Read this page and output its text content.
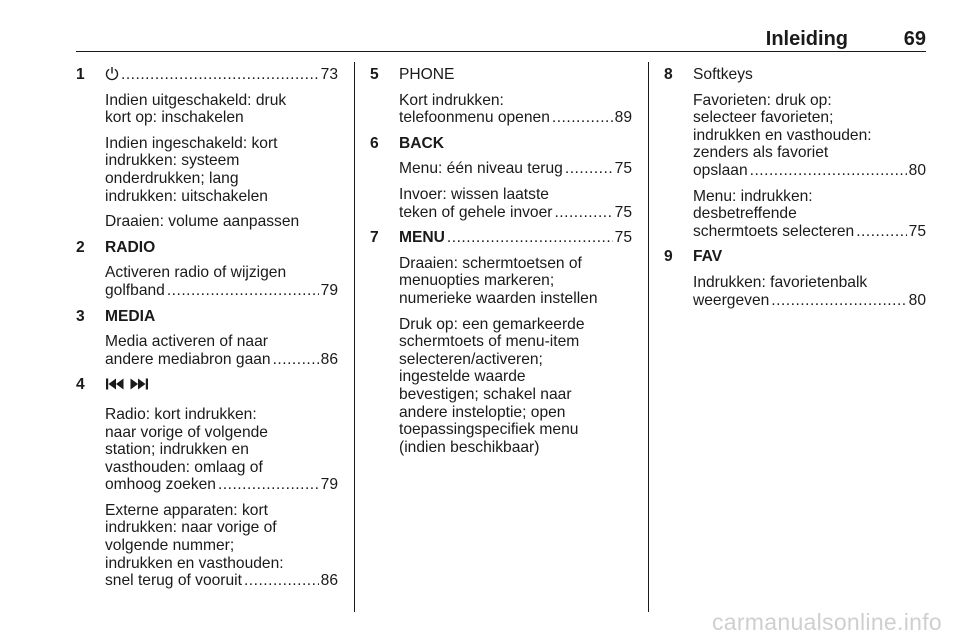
Inleiding	69
1 .....	73
Indien uitgeschakeld: druk
kort op: inschakelen
Indien ingeschakeld: kort
indrukken: systeem
onderdrukken; lang
indrukken: uitschakelen
Draaien: volume aanpassen
2 RADIO
Activeren radio of wijzigen
golfband .....	79
3 MEDIA
Media activeren of naar
andere mediabron gaan .....	86
4

Radio: kort indrukken:
naar vorige of volgende
station; indrukken en
vasthouden: omlaag of
omhoog zoeken .....	79
Externe apparaten: kort
indrukken: naar vorige of
volgende nummer;
indrukken en vasthouden:
snel terug of vooruit .....	86
5 PHONE
Kort indrukken:
telefoonmenu openen .....	89
6 BACK
Menu: één niveau terug .....	75
Invoer: wissen laatste
teken of gehele invoer .....	75
7 MENU .....	75
Draaien: schermtoetsen of
menuopties markeren;
numerieke waarden instellen
Druk op: een gemarkeerde
schermtoets of menu-item
selecteren/activeren;
ingestelde waarde
bevestigen; schakel naar
andere insteloptie; open
toepassingspecifiek menu
(indien beschikbaar)
8 Softkeys
Favorieten: druk op:
selecteer favorieten;
indrukken en vasthouden:
zenders als favoriet
opslaan .....	80
Menu: indrukken:
desbetreffende
schermtoets selecteren .....	75
9 FAV
Indrukken: favorietenbalk
weergeven .....	80
carmanualsonline.info
